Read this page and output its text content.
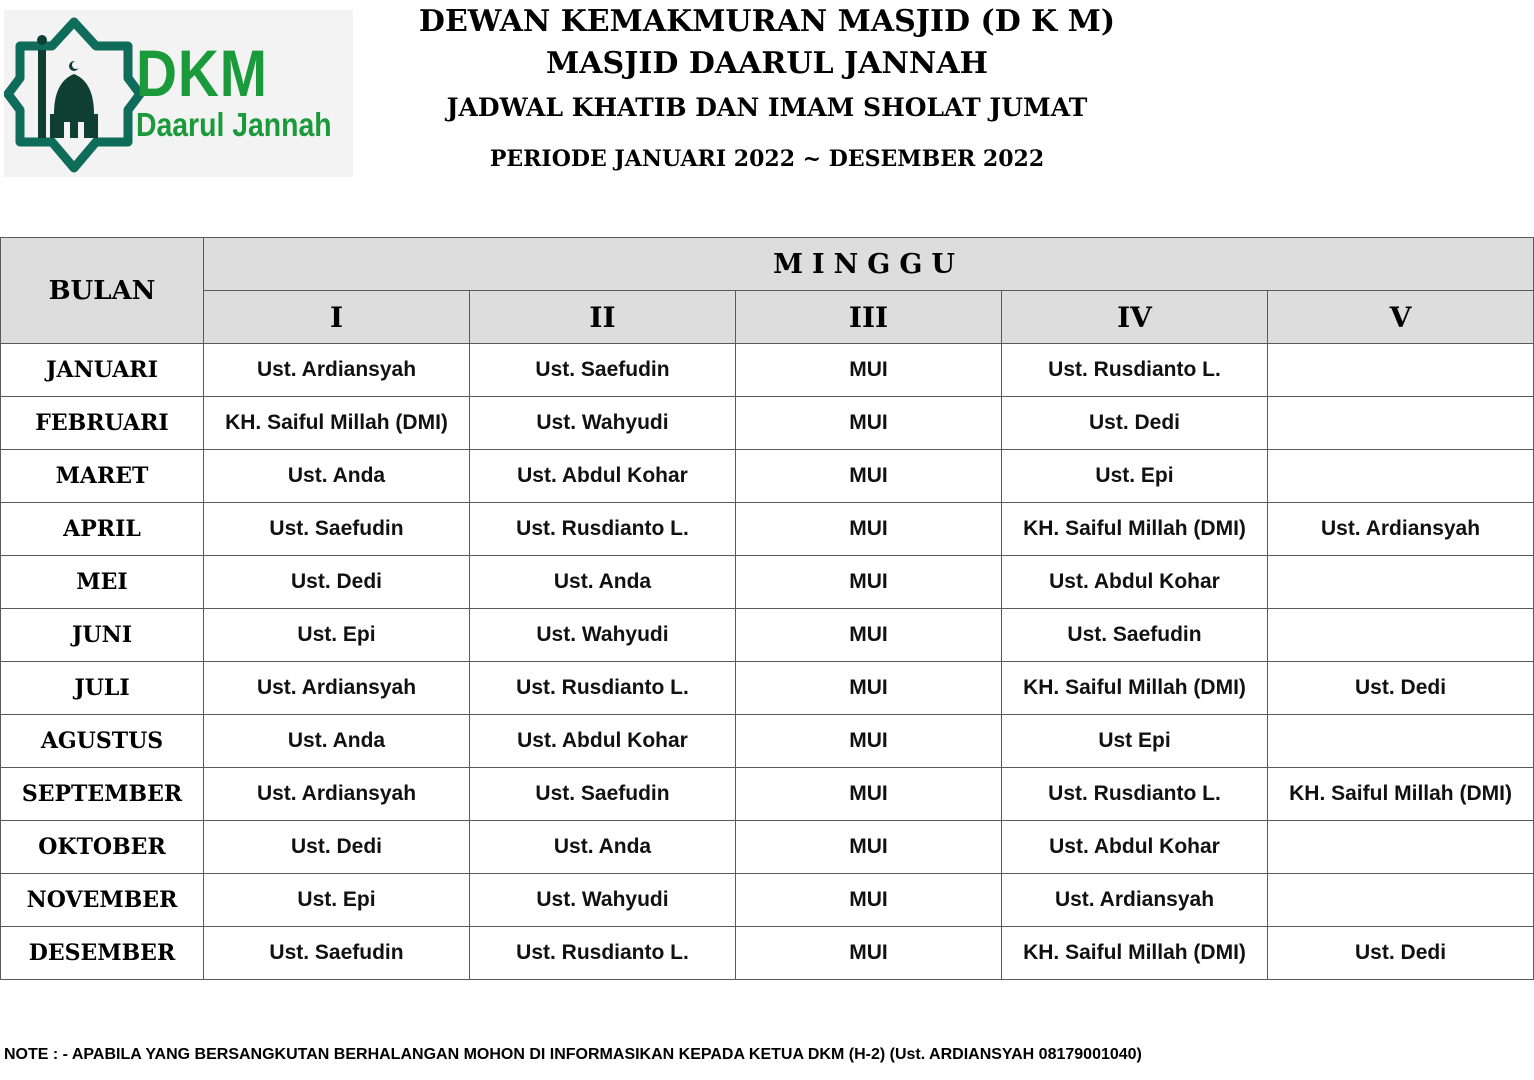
DKM
Daarul Jannah
DEWAN KEMAKMURAN MASJID (D K M)
MASJID DAARUL JANNAH
JADWAL KHATIB DAN IMAM SHOLAT JUMAT
PERIODE JANUARI 2022 ~ DESEMBER 2022
BULAN	MINGGU				
	I	II	III	IV	V
JANUARI	Ust. Ardiansyah	Ust. Saefudin	MUI	Ust. Rusdianto L.	
FEBRUARI	KH. Saiful Millah (DMI)	Ust. Wahyudi	MUI	Ust. Dedi	
MARET	Ust. Anda	Ust. Abdul Kohar	MUI	Ust. Epi	
APRIL	Ust. Saefudin	Ust. Rusdianto L.	MUI	KH. Saiful Millah (DMI)	Ust. Ardiansyah
MEI	Ust. Dedi	Ust. Anda	MUI	Ust. Abdul Kohar	
JUNI	Ust. Epi	Ust. Wahyudi	MUI	Ust. Saefudin	
JULI	Ust. Ardiansyah	Ust. Rusdianto L.	MUI	KH. Saiful Millah (DMI)	Ust. Dedi
AGUSTUS	Ust. Anda	Ust. Abdul Kohar	MUI	Ust Epi	
SEPTEMBER	Ust. Ardiansyah	Ust. Saefudin	MUI	Ust. Rusdianto L.	KH. Saiful Millah (DMI)
OKTOBER	Ust. Dedi	Ust. Anda	MUI	Ust. Abdul Kohar	
NOVEMBER	Ust. Epi	Ust. Wahyudi	MUI	Ust. Ardiansyah	
DESEMBER	Ust. Saefudin	Ust. Rusdianto L.	MUI	KH. Saiful Millah (DMI)	Ust. Dedi
NOTE : - APABILA YANG BERSANGKUTAN BERHALANGAN MOHON DI INFORMASIKAN KEPADA KETUA DKM (H-2) (Ust. ARDIANSYAH 08179001040)
